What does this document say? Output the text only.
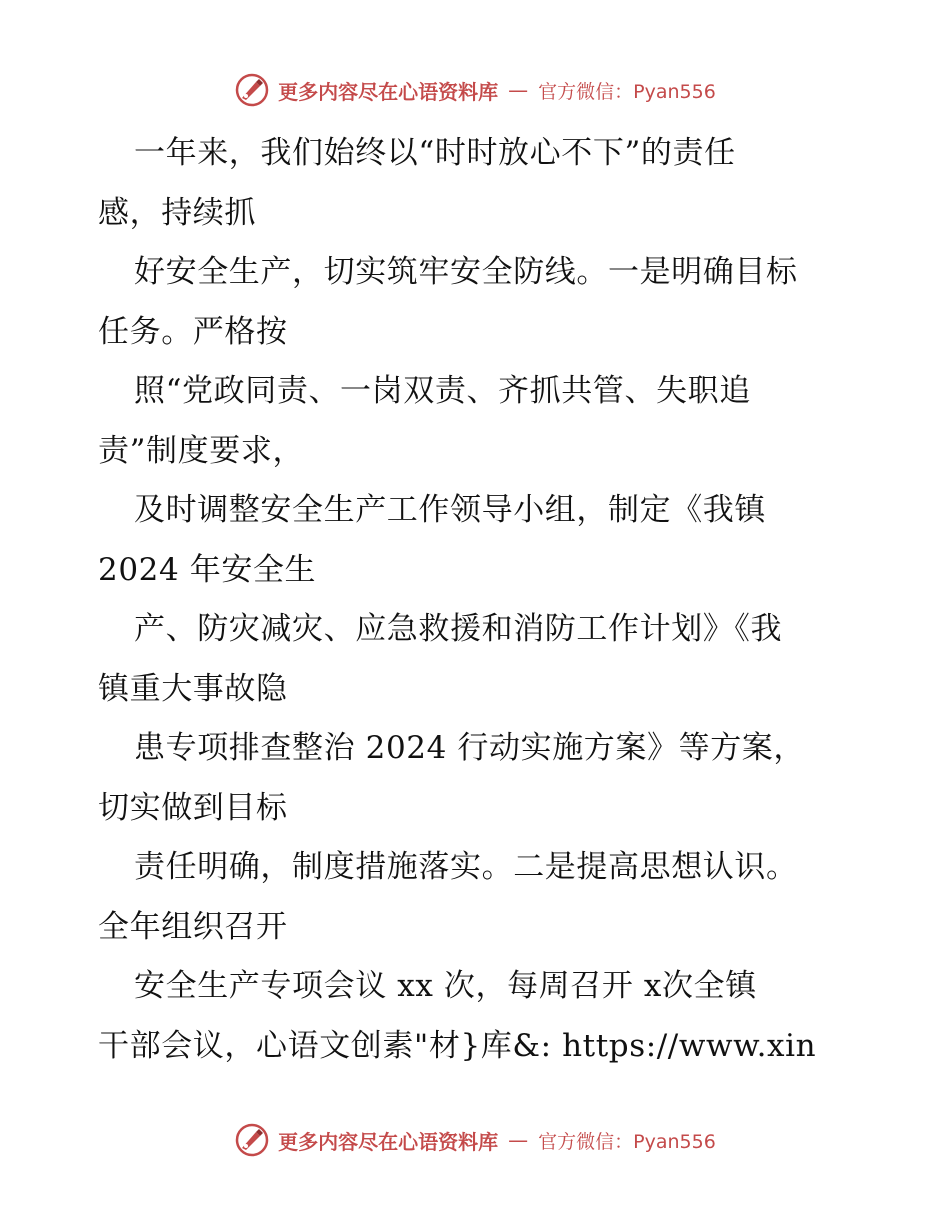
更多内容尽在心语资料库 — 官方微信：Pyan556

一年来，我们始终以“时时放心不下”的责任

感，持续抓

好安全生产，切实筑牢安全防线。一是明确目标

任务。严格按

照“党政同责、一岗双责、齐抓共管、失职追

责”制度要求，

及时调整安全生产工作领导小组，制定《我镇

2024 年安全生

产、防灾减灾、应急救援和消防工作计划》《我

镇重大事故隐

患专项排查整治 2024 行动实施方案》等方案，

切实做到目标

责任明确，制度措施落实。二是提高思想认识。

全年组织召开

安全生产专项会议 xx 次，每周召开 x次全镇

干部会议，心语文创素"材}库&: https://www.xin

更多内容尽在心语资料库 — 官方微信：Pyan556
